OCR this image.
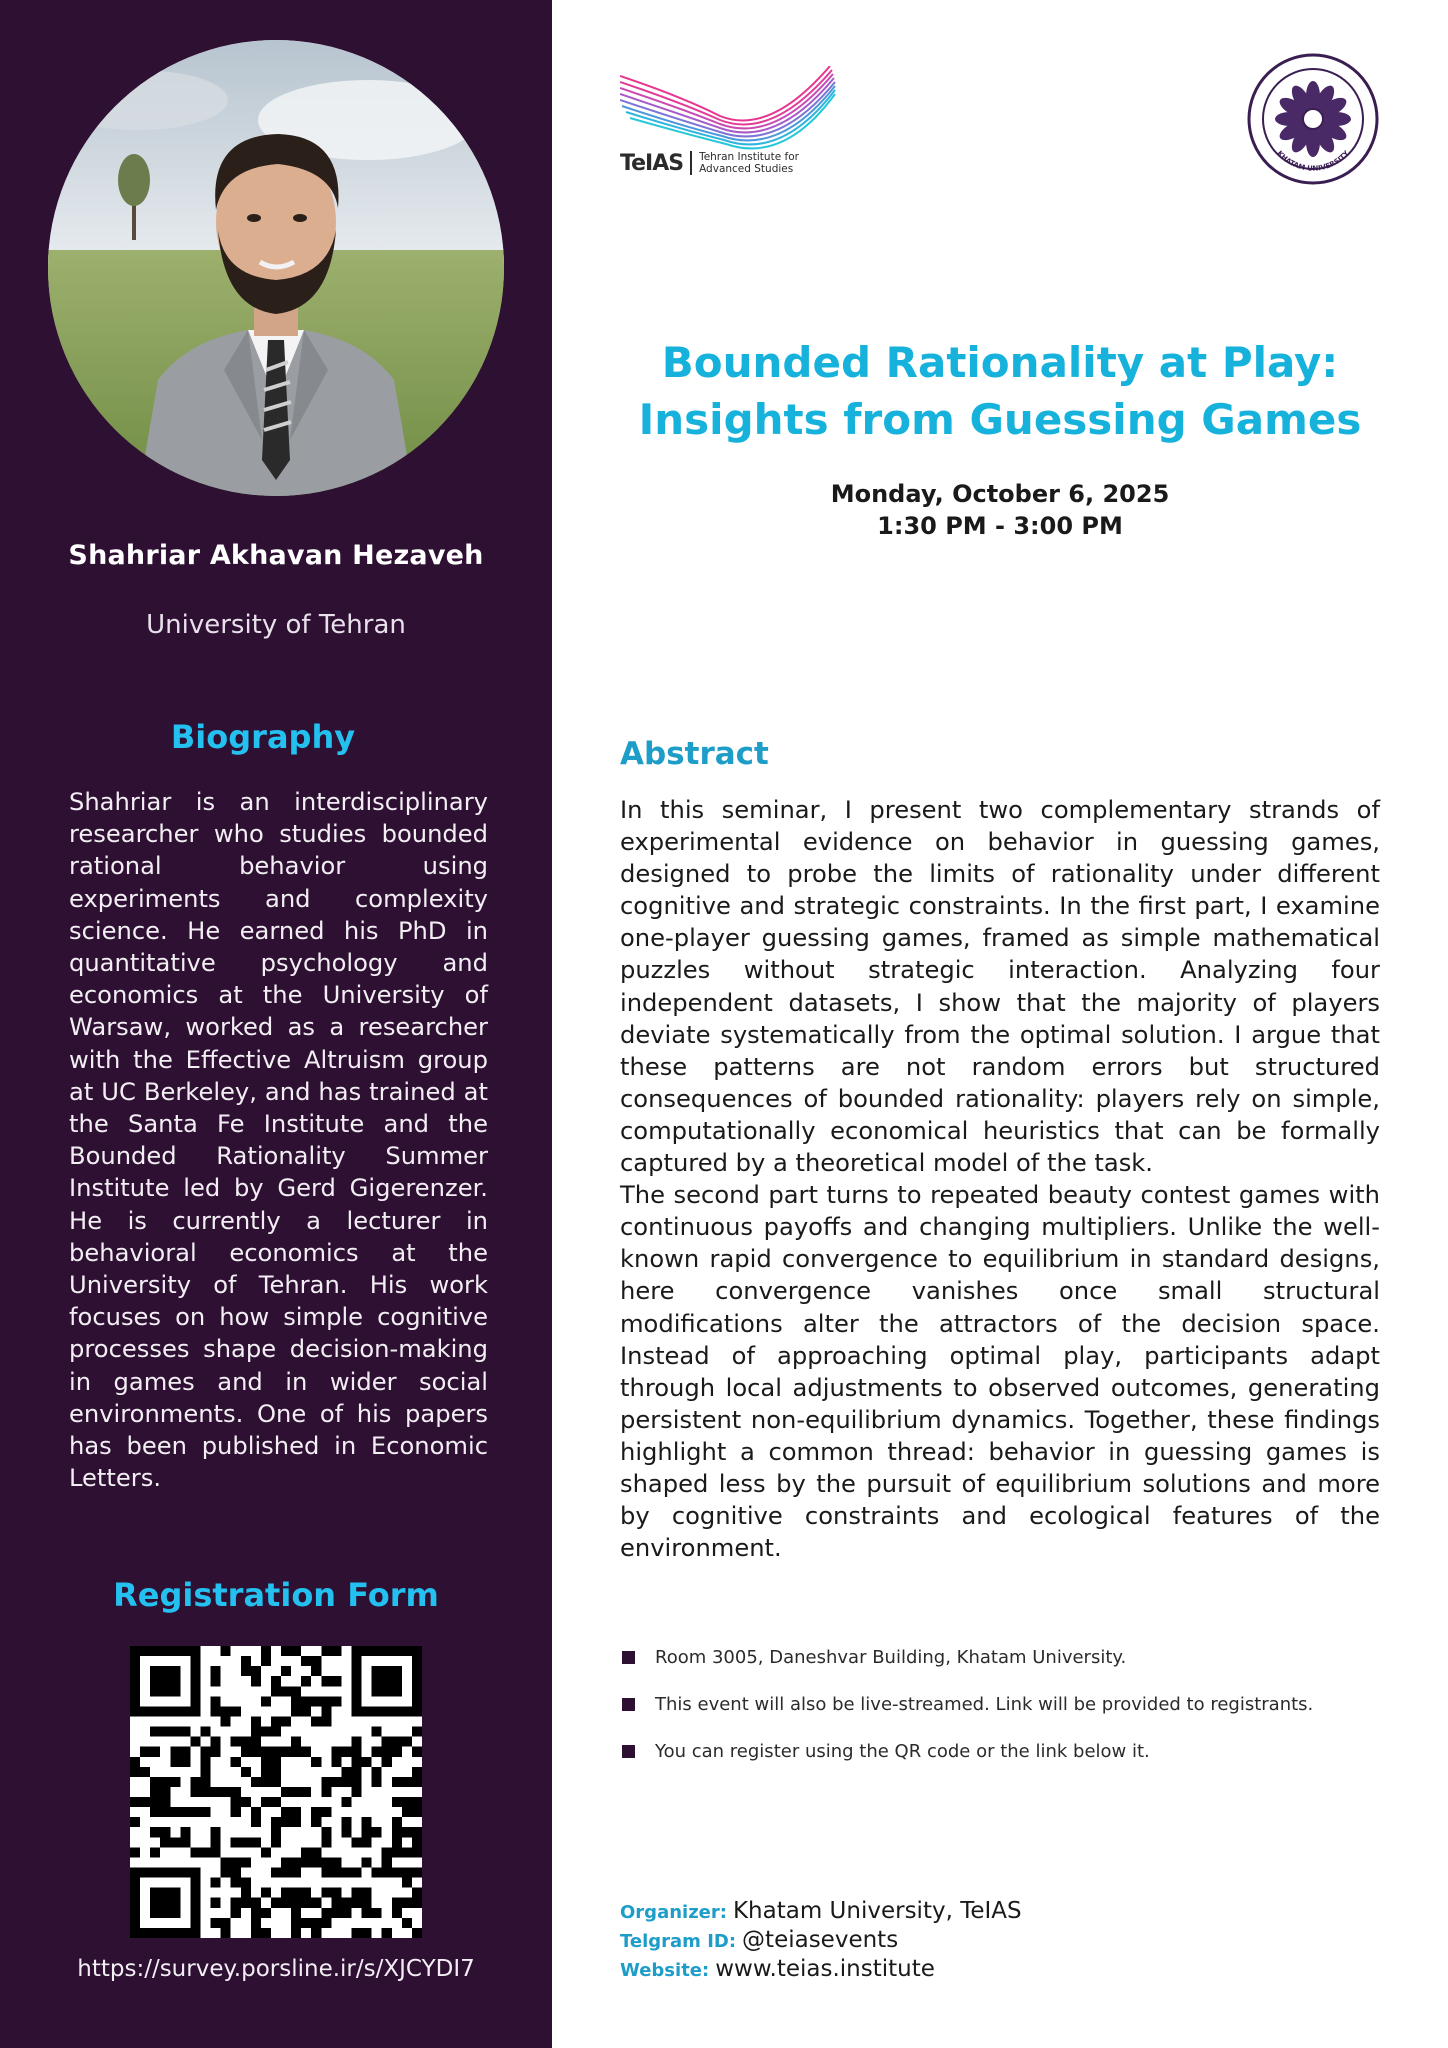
Shahriar Akhavan Hezaveh
University of Tehran
Biography
Shahriar is an interdisciplinary researcher who studies bounded rational behavior using experiments and complexity science. He earned his PhD in quantitative psychology and economics at the University of Warsaw, worked as a researcher with the Effective Altruism group at UC Berkeley, and has trained at the Santa Fe Institute and the Bounded Rationality Summer Institute led by Gerd Gigerenzer. He is currently a lecturer in behavioral economics at the University of Tehran. His work focuses on how simple cognitive processes shape decision-making in games and in wider social environments. One of his papers has been published in Economic Letters.
Registration Form
https://survey.porsline.ir/s/XJCYDI7
TeIAS Tehran Institute for
Advanced Studies
KHATAM UNIVERSITY
Bounded Rationality at Play:
Insights from Guessing Games
Monday, October 6, 2025
1:30 PM - 3:00 PM
Abstract

In this seminar, I present two complementary strands of experimental evidence on behavior in guessing games, designed to probe the limits of rationality under different cognitive and strategic constraints. In the first part, I examine one-player guessing games, framed as simple mathematical puzzles without strategic interaction. Analyzing four independent datasets, I show that the majority of players deviate systematically from the optimal solution. I argue that these patterns are not random errors but structured consequences of bounded rationality: players rely on simple, computationally economical heuristics that can be formally captured by a theoretical model of the task.

The second part turns to repeated beauty contest games with continuous payoffs and changing multipliers. Unlike the well-known rapid convergence to equilibrium in standard designs, here convergence vanishes once small structural modifications alter the attractors of the decision space. Instead of approaching optimal play, participants adapt through local adjustments to observed outcomes, generating persistent non-equilibrium dynamics. Together, these findings highlight a common thread: behavior in guessing games is shaped less by the pursuit of equilibrium solutions and more by cognitive constraints and ecological features of the environment.

Room 3005, Daneshvar Building, Khatam University.
This event will also be live-streamed. Link will be provided to registrants.
You can register using the QR code or the link below it.
Organizer: Khatam University, TeIAS
Telgram ID: @teiasevents
Website: www.teias.institute
